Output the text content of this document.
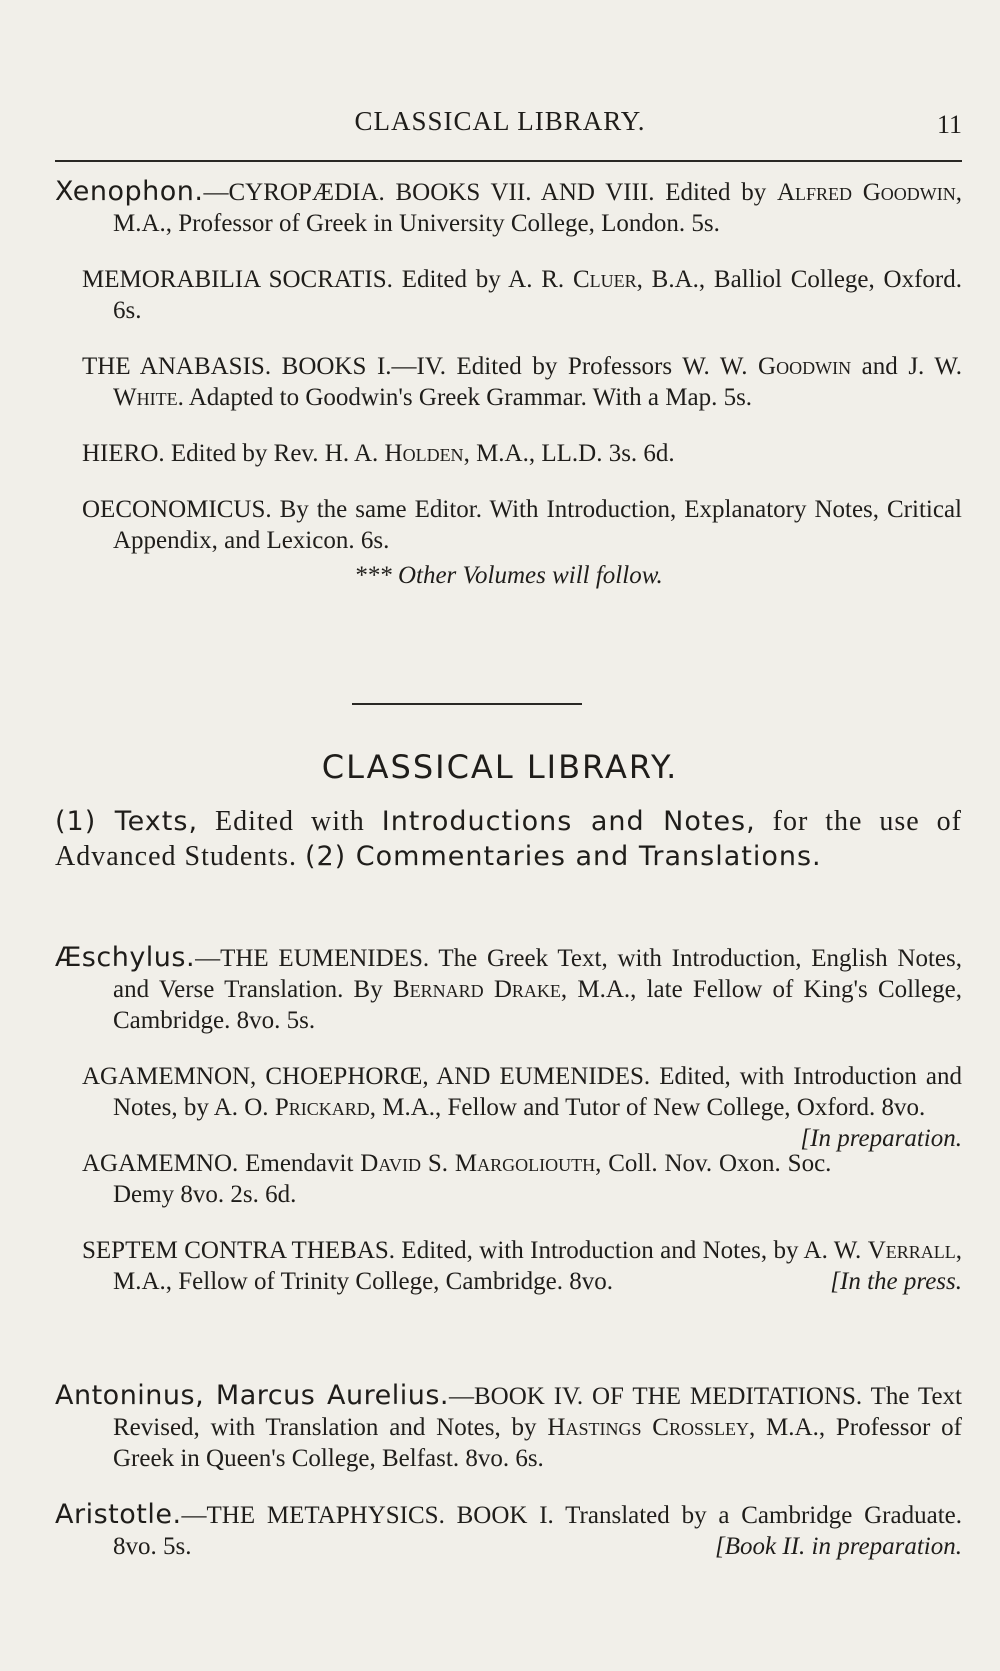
CLASSICAL LIBRARY.	11

Xenophon.—CYROPÆDIA. BOOKS VII. AND VIII. Edited by Alfred Goodwin, M.A., Professor of Greek in University College, London. 5s.

MEMORABILIA SOCRATIS. Edited by A. R. Cluer, B.A., Balliol College, Oxford. 6s.

THE ANABASIS. BOOKS I.—IV. Edited by Professors W. W. Goodwin and J. W. White. Adapted to Goodwin's Greek Grammar. With a Map. 5s.

HIERO. Edited by Rev. H. A. Holden, M.A., LL.D. 3s. 6d.

OECONOMICUS. By the same Editor. With Introduction, Explanatory Notes, Critical Appendix, and Lexicon. 6s.

*** Other Volumes will follow.

CLASSICAL LIBRARY.
(1) Texts, Edited with Introductions and Notes, for the use of Advanced Students. (2) Commentaries and Translations.

Æschylus.—THE EUMENIDES. The Greek Text, with Introduction, English Notes, and Verse Translation. By Bernard Drake, M.A., late Fellow of King's College, Cambridge. 8vo. 5s.

AGAMEMNON, CHOEPHORŒ, AND EUMENIDES. Edited, with Introduction and Notes, by A. O. Prickard, M.A., Fellow and Tutor of New College, Oxford. 8vo.
[In preparation.

AGAMEMNO. Emendavit David S. Margoliouth, Coll. Nov. Oxon. Soc. Demy 8vo. 2s. 6d.

SEPTEM CONTRA THEBAS. Edited, with Introduction and Notes, by A. W. Verrall, M.A., Fellow of Trinity College, Cambridge. 8vo.	[In the press.

Antoninus, Marcus Aurelius.—BOOK IV. OF THE MEDITATIONS. The Text Revised, with Translation and Notes, by Hastings Crossley, M.A., Professor of Greek in Queen's College, Belfast. 8vo. 6s.

Aristotle.—THE METAPHYSICS. BOOK I. Translated by a Cambridge Graduate. 8vo. 5s.	[Book II. in preparation.
